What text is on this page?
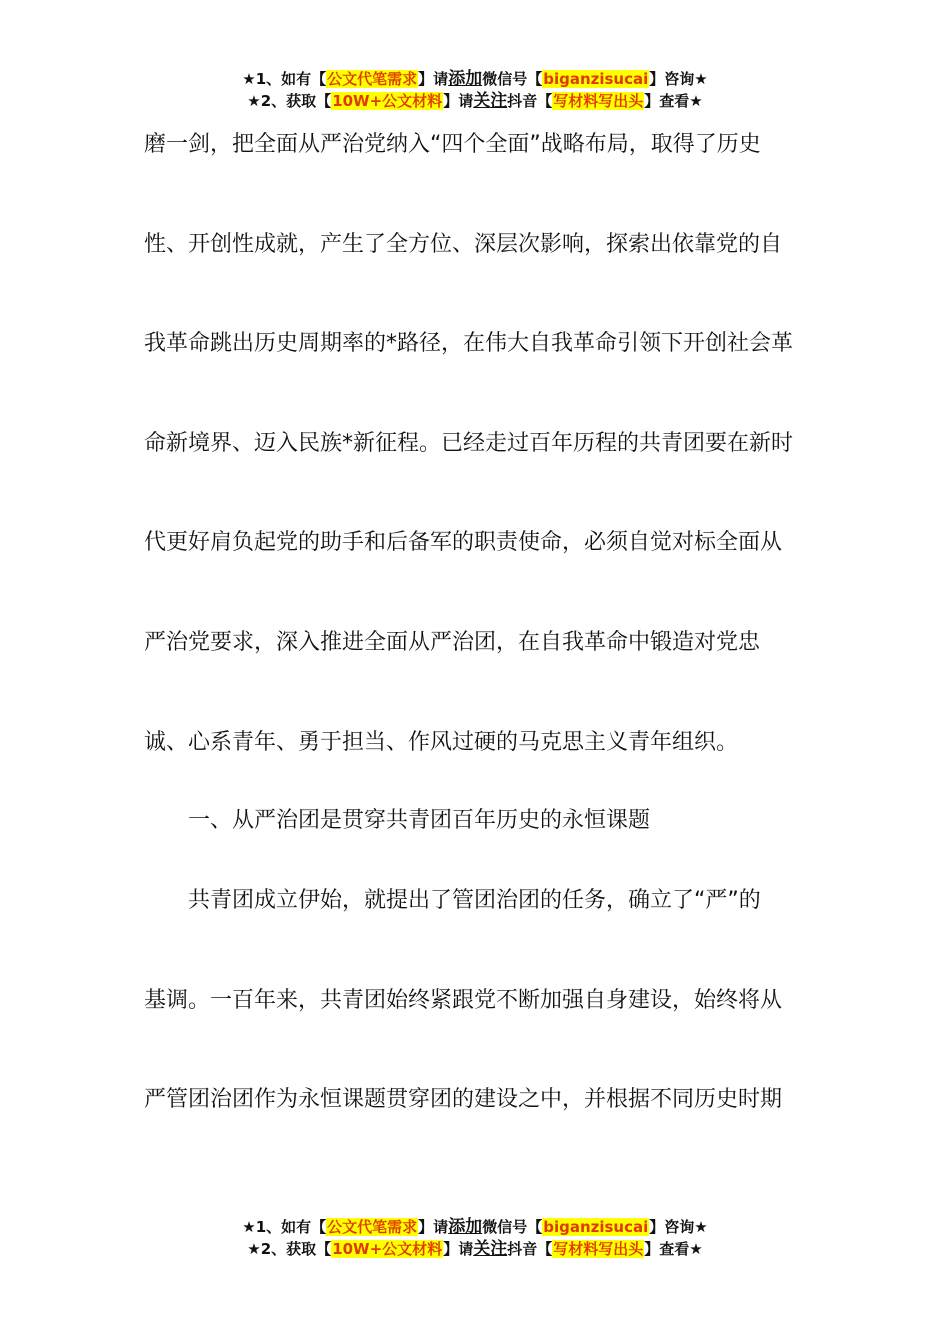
★1、如有【公文代笔需求】请添加微信号【biganzisucai】咨询★
★2、获取【10W+公文材料】请关注抖音【写材料写出头】查看★
磨一剑，把全面从严治党纳入“四个全面”战略布局，取得了历史
性、开创性成就，产生了全方位、深层次影响，探索出依靠党的自
我革命跳出历史周期率的*路径，在伟大自我革命引领下开创社会革
命新境界、迈入民族*新征程。已经走过百年历程的共青团要在新时
代更好肩负起党的助手和后备军的职责使命，必须自觉对标全面从
严治党要求，深入推进全面从严治团，在自我革命中锻造对党忠
诚、心系青年、勇于担当、作风过硬的马克思主义青年组织。
　　一、从严治团是贯穿共青团百年历史的永恒课题
　　共青团成立伊始，就提出了管团治团的任务，确立了“严”的
基调。一百年来，共青团始终紧跟党不断加强自身建设，始终将从
严管团治团作为永恒课题贯穿团的建设之中，并根据不同历史时期
★1、如有【公文代笔需求】请添加微信号【biganzisucai】咨询★
★2、获取【10W+公文材料】请关注抖音【写材料写出头】查看★
